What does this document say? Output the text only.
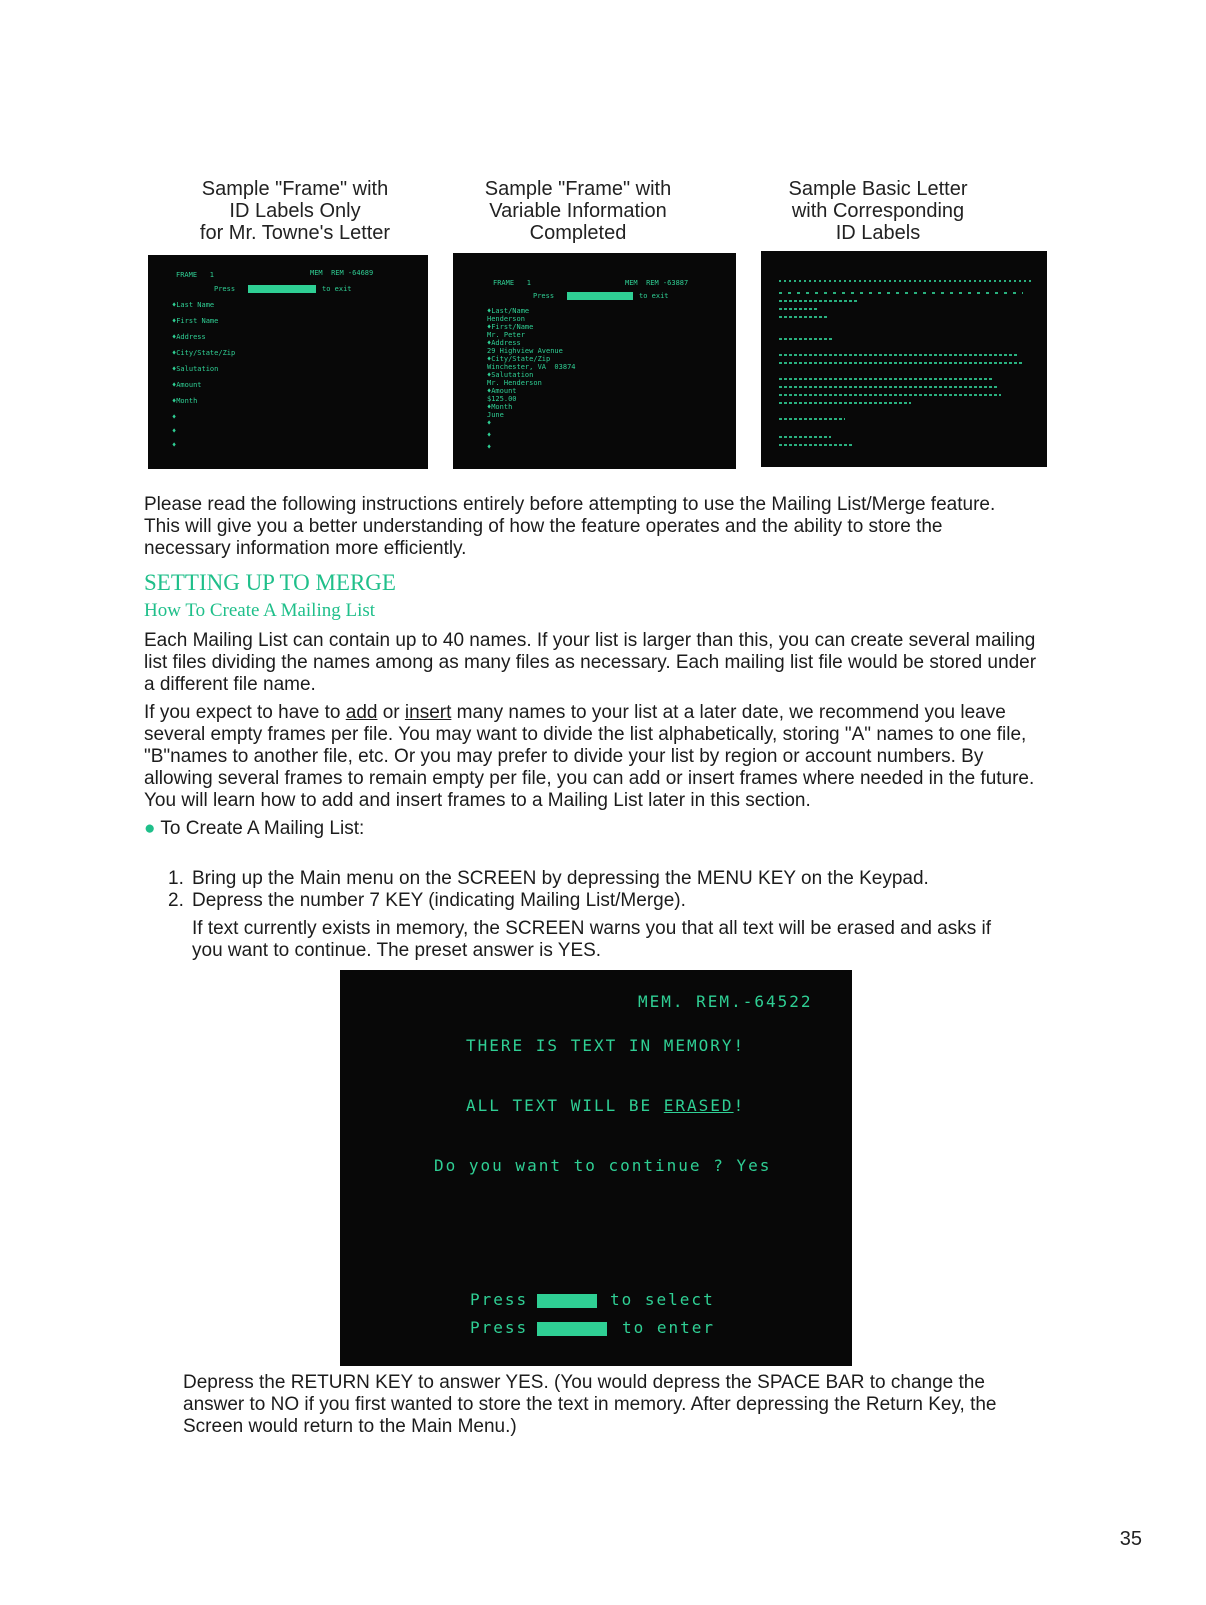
Sample "Frame" with
ID Labels Only
for Mr. Towne's Letter
Sample "Frame" with
Variable Information
Completed
Sample Basic Letter
with Corresponding
ID Labels
FRAME   1	MEM  REM -64689
Press	to exit
♦Last Name
♦First Name
♦Address
♦City/State/Zip
♦Salutation
♦Amount
♦Month
♦
♦
♦
FRAME   1	MEM  REM -63887
Press	to exit
♦Last/Name
Henderson
♦First/Name
Mr. Peter
♦Address
29 Highview Avenue
♦City/State/Zip
Winchester, VA  03874
♦Salutation
Mr. Henderson
♦Amount
$125.00
♦Month
June
♦
♦
♦

Please read the following instructions entirely before attempting to use the Mailing List/Merge feature. This will give you a better understanding of how the feature operates and the ability to store the necessary information more efficiently.

SETTING UP TO MERGE
How To Create A Mailing List

Each Mailing List can contain up to 40 names. If your list is larger than this, you can create several mailing list files dividing the names among as many files as necessary. Each mailing list file would be stored under a different file name.

If you expect to have to add or insert many names to your list at a later date, we recommend you leave several empty frames per file. You may want to divide the list alphabetically, storing "A" names to one file, "B"names to another file, etc. Or you may prefer to divide your list by region or account numbers. By allowing several frames to remain empty per file, you can add or insert frames where needed in the future. You will learn how to add and insert frames to a Mailing List later in this section.

● To Create A Mailing List:

1. Bring up the Main menu on the SCREEN by depressing the MENU KEY on the Keypad.
2. Depress the number 7 KEY (indicating Mailing List/Merge).
If text currently exists in memory, the SCREEN warns you that all text will be erased and asks if you want to continue. The preset answer is YES.
MEM. REM.-64522
THERE IS TEXT IN MEMORY!
ALL TEXT WILL BE ERASED!
Do you want to continue ? Yes
Press	to select
Press	to enter

Depress the RETURN KEY to answer YES. (You would depress the SPACE BAR to change the answer to NO if you first wanted to store the text in memory. After depressing the Return Key, the Screen would return to the Main Menu.)

35
